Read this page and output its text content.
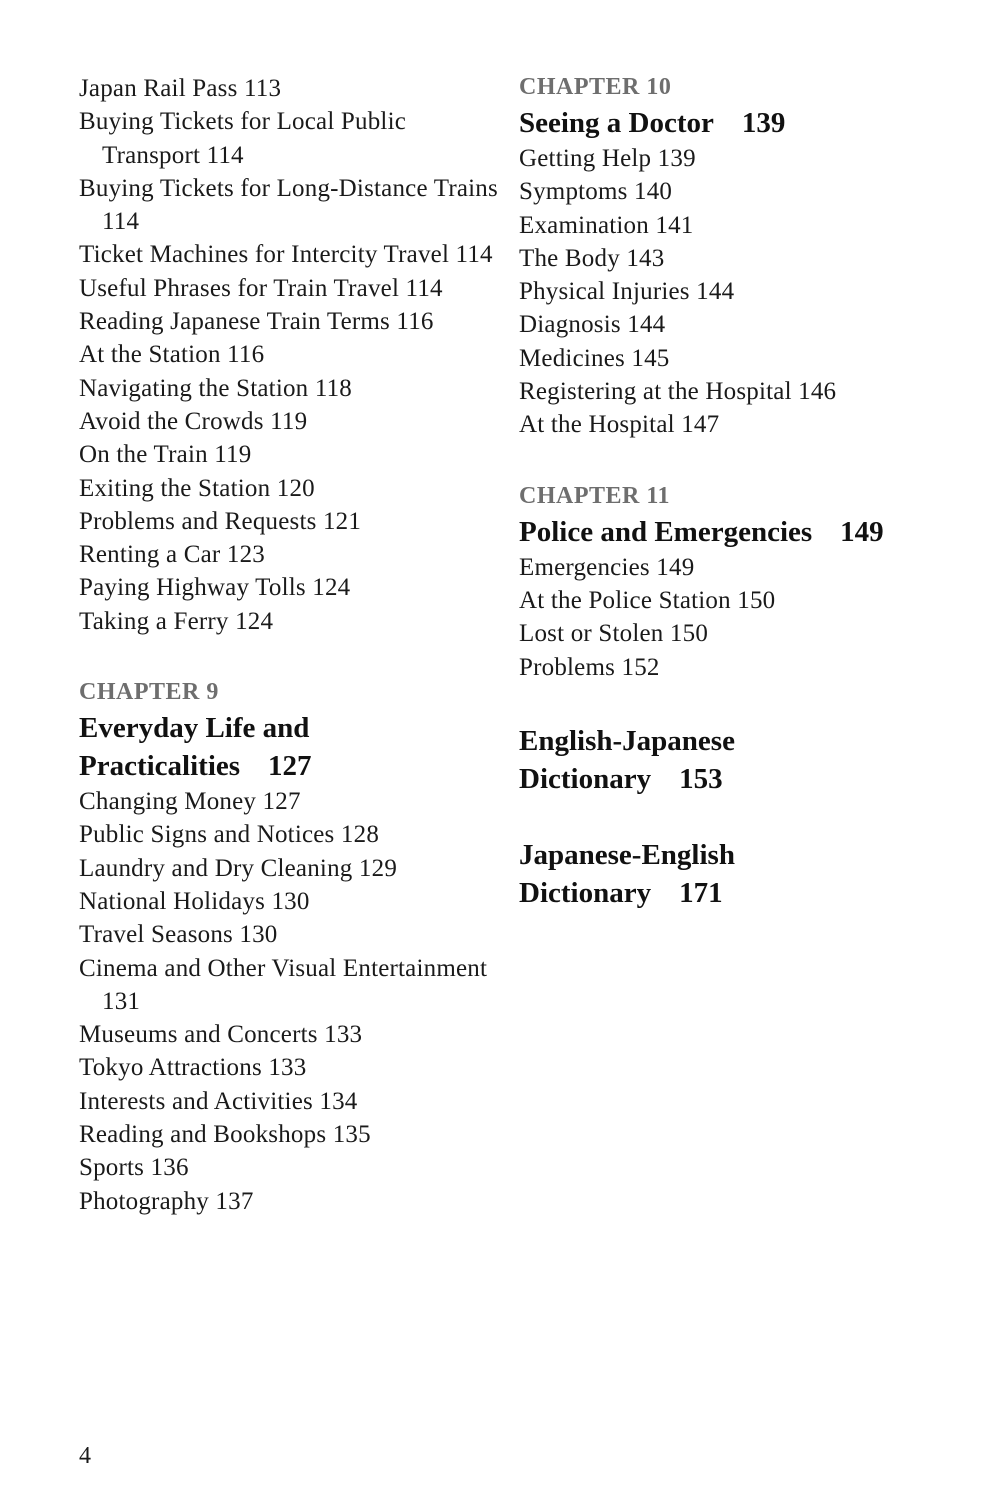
Japan Rail Pass 113

Buying Tickets for Local Public Transport 114

Buying Tickets for Long-Distance Trains 114

Ticket Machines for Intercity Travel 114

Useful Phrases for Train Travel 114

Reading Japanese Train Terms 116

At the Station 116

Navigating the Station 118

Avoid the Crowds 119

On the Train 119

Exiting the Station 120

Problems and Requests 121

Renting a Car 123

Paying Highway Tolls 124

Taking a Ferry 124

CHAPTER 9

Everyday Life and
Practicalities 127

Changing Money 127

Public Signs and Notices 128

Laundry and Dry Cleaning 129

National Holidays 130

Travel Seasons 130

Cinema and Other Visual Entertainment 131

Museums and Concerts 133

Tokyo Attractions 133

Interests and Activities 134

Reading and Bookshops 135

Sports 136

Photography 137

CHAPTER 10

Seeing a Doctor 139

Getting Help 139

Symptoms 140

Examination 141

The Body 143

Physical Injuries 144

Diagnosis 144

Medicines 145

Registering at the Hospital 146

At the Hospital 147

CHAPTER 11

Police and Emergencies 149

Emergencies 149

At the Police Station 150

Lost or Stolen 150

Problems 152

English-Japanese
Dictionary 153

Japanese-English
Dictionary 171

4
